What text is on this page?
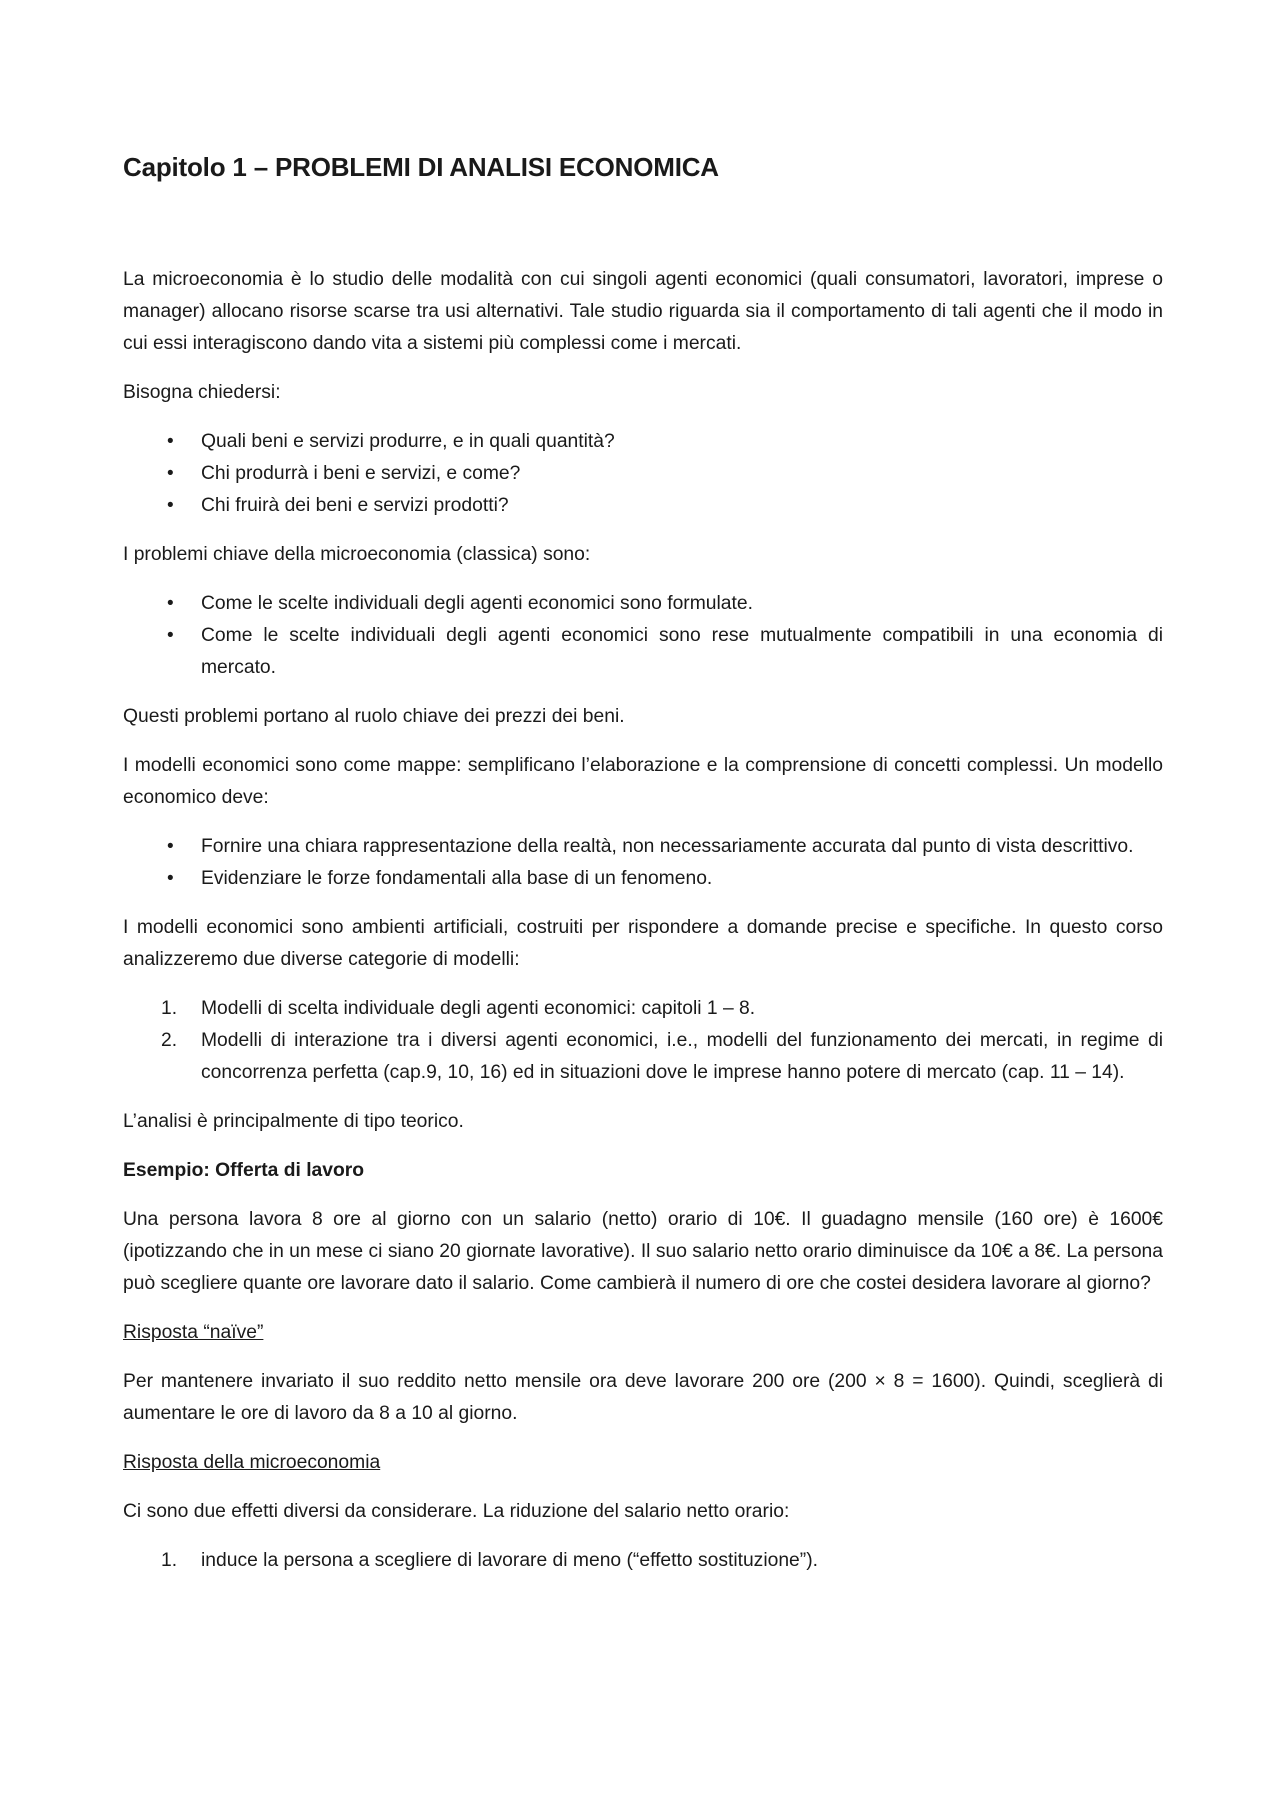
Capitolo 1 – PROBLEMI DI ANALISI ECONOMICA

La microeconomia è lo studio delle modalità con cui singoli agenti economici (quali consumatori, lavoratori, imprese o manager) allocano risorse scarse tra usi alternativi. Tale studio riguarda sia il comportamento di tali agenti che il modo in cui essi interagiscono dando vita a sistemi più complessi come i mercati.

Bisogna chiedersi:

• Quali beni e servizi produrre, e in quali quantità?
• Chi produrrà i beni e servizi, e come?
• Chi fruirà dei beni e servizi prodotti?

I problemi chiave della microeconomia (classica) sono:

• Come le scelte individuali degli agenti economici sono formulate.
• Come le scelte individuali degli agenti economici sono rese mutualmente compatibili in una economia di mercato.

Questi problemi portano al ruolo chiave dei prezzi dei beni.

I modelli economici sono come mappe: semplificano l’elaborazione e la comprensione di concetti complessi. Un modello economico deve:

• Fornire una chiara rappresentazione della realtà, non necessariamente accurata dal punto di vista descrittivo.
• Evidenziare le forze fondamentali alla base di un fenomeno.

I modelli economici sono ambienti artificiali, costruiti per rispondere a domande precise e specifiche. In questo corso analizzeremo due diverse categorie di modelli:

1. Modelli di scelta individuale degli agenti economici: capitoli 1 – 8.
2. Modelli di interazione tra i diversi agenti economici, i.e., modelli del funzionamento dei mercati, in regime di concorrenza perfetta (cap.9, 10, 16) ed in situazioni dove le imprese hanno potere di mercato (cap. 11 – 14).

L’analisi è principalmente di tipo teorico.

Esempio: Offerta di lavoro

Una persona lavora 8 ore al giorno con un salario (netto) orario di 10€. Il guadagno mensile (160 ore) è 1600€ (ipotizzando che in un mese ci siano 20 giornate lavorative). Il suo salario netto orario diminuisce da 10€ a 8€. La persona può scegliere quante ore lavorare dato il salario. Come cambierà il numero di ore che costei desidera lavorare al giorno?

Risposta “naïve”

Per mantenere invariato il suo reddito netto mensile ora deve lavorare 200 ore (200 × 8 = 1600). Quindi, sceglierà di aumentare le ore di lavoro da 8 a 10 al giorno.

Risposta della microeconomia

Ci sono due effetti diversi da considerare. La riduzione del salario netto orario:

1. induce la persona a scegliere di lavorare di meno (“effetto sostituzione”).
